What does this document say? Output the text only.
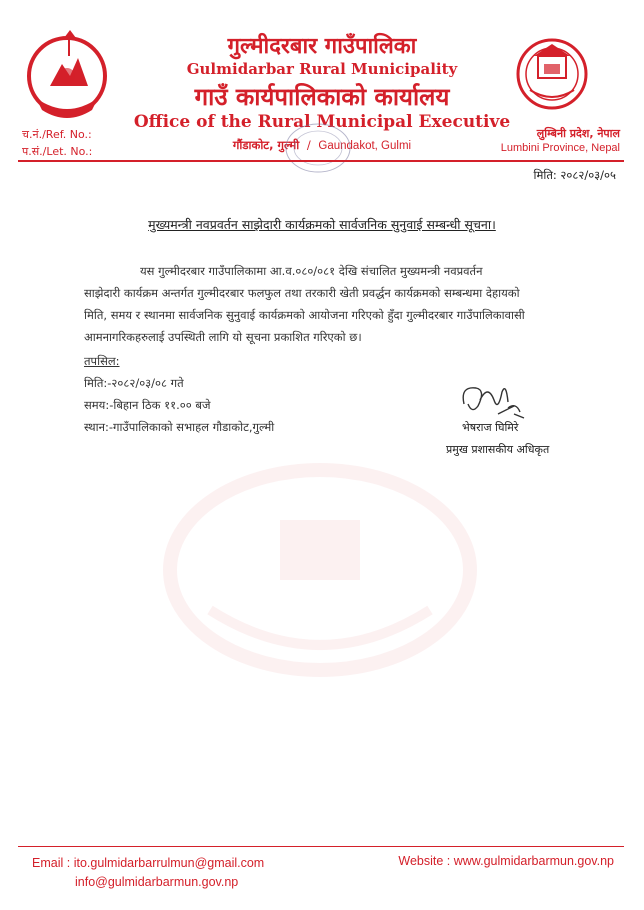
गुल्मीदरबार गाउँपालिका
Gulmidarbar Rural Municipality
गाउँ कार्यपालिकाको कार्यालय
Office of the Rural Municipal Executive
गौंडाकोट, गुल्मी / Gaundakot, Gulmi
च.नं./Ref. No.:
प.सं./Let. No.:
लुम्बिनी प्रदेश, नेपाल
Lumbini Province, Nepal
मिति: २०८२/०३/०५
मुख्यमन्त्री नवप्रवर्तन साझेदारी कार्यक्रमको सार्वजनिक सुनुवाई सम्बन्धी सूचना।
यस गुल्मीदरबार गाउँपालिकामा आ.व.०८०/०८१ देखि संचालित मुख्यमन्त्री नवप्रवर्तन
साझेदारी कार्यक्रम अन्तर्गत गुल्मीदरबार फलफुल तथा तरकारी खेती प्रवर्द्धन कार्यक्रमको सम्बन्धमा देहायको
मिति, समय र स्थानमा सार्वजनिक सुनुवाई कार्यक्रमको आयोजना गरिएको हुँदा गुल्मीदरबार गाउँपालिकावासी
आमनागरिकहरुलाई उपस्थिती लागि यो सूचना प्रकाशित गरिएको छ।
तपसिल:
मिति:-२०८२/०३/०८ गते
समय:-बिहान ठिक ११.०० बजे
स्थान:-गाउँपालिकाको सभाहल गौडाकोट,गुल्मी	भेषराज घिमिरे
प्रमुख प्रशासकीय अधिकृत
Email : ito.gulmidarbarrulmun@gmail.com
info@gulmidarbarmun.gov.np
Website : www.gulmidarbarmun.gov.np
